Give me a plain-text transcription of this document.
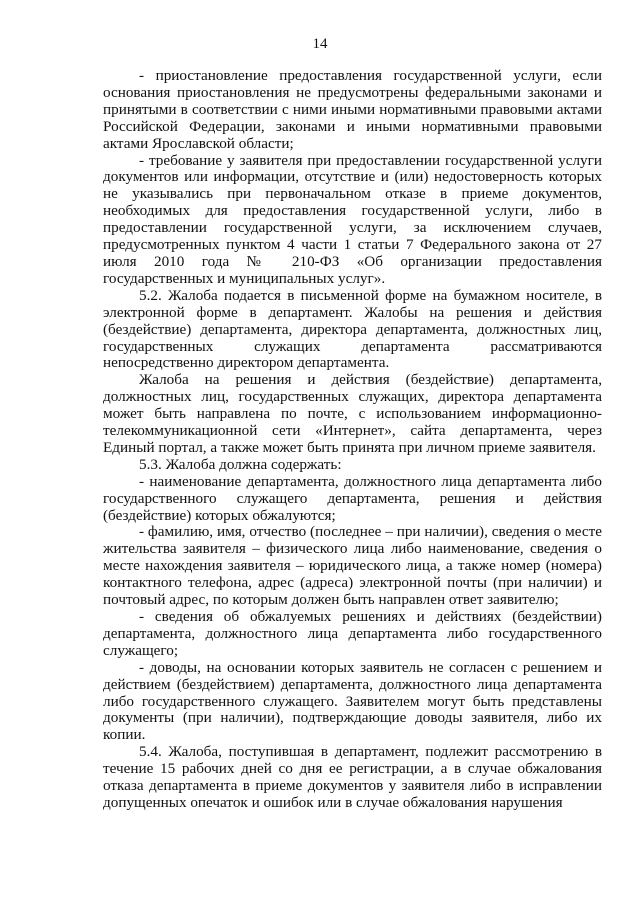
14

- приостановление предоставления государственной услуги, если основания приостановления не предусмотрены федеральными законами и принятыми в соответствии с ними иными нормативными правовыми актами Российской Федерации, законами и иными нормативными правовыми актами Ярославской области;

- требование у заявителя при предоставлении государственной услуги документов или информации, отсутствие и (или) недостоверность которых не указывались при первоначальном отказе в приеме документов, необходимых для предоставления государственной услуги, либо в предоставлении государственной услуги, за исключением случаев, предусмотренных пунктом 4 части 1 статьи 7 Федерального закона от 27 июля 2010 года № 210-ФЗ «Об организации предоставления государственных и муниципальных услуг».

5.2. Жалоба подается в письменной форме на бумажном носителе, в электронной форме в департамент. Жалобы на решения и действия (бездействие) департамента, директора департамента, должностных лиц, государственных служащих департамента рассматриваются непосредственно директором департамента.

Жалоба на решения и действия (бездействие) департамента, должностных лиц, государственных служащих, директора департамента может быть направлена по почте, с использованием информационно-телекоммуникационной сети «Интернет», сайта департамента, через Единый портал, а также может быть принята при личном приеме заявителя.

5.3. Жалоба должна содержать:

- наименование департамента, должностного лица департамента либо государственного служащего департамента, решения и действия (бездействие) которых обжалуются;

- фамилию, имя, отчество (последнее – при наличии), сведения о месте жительства заявителя – физического лица либо наименование, сведения о месте нахождения заявителя – юридического лица, а также номер (номера) контактного телефона, адрес (адреса) электронной почты (при наличии) и почтовый адрес, по которым должен быть направлен ответ заявителю;

- сведения об обжалуемых решениях и действиях (бездействии) департамента, должностного лица департамента либо государственного служащего;

- доводы, на основании которых заявитель не согласен с решением и действием (бездействием) департамента, должностного лица департамента либо государственного служащего. Заявителем могут быть представлены документы (при наличии), подтверждающие доводы заявителя, либо их копии.

5.4. Жалоба, поступившая в департамент, подлежит рассмотрению в течение 15 рабочих дней со дня ее регистрации, а в случае обжалования отказа департамента в приеме документов у заявителя либо в исправлении допущенных опечаток и ошибок или в случае обжалования нарушения
